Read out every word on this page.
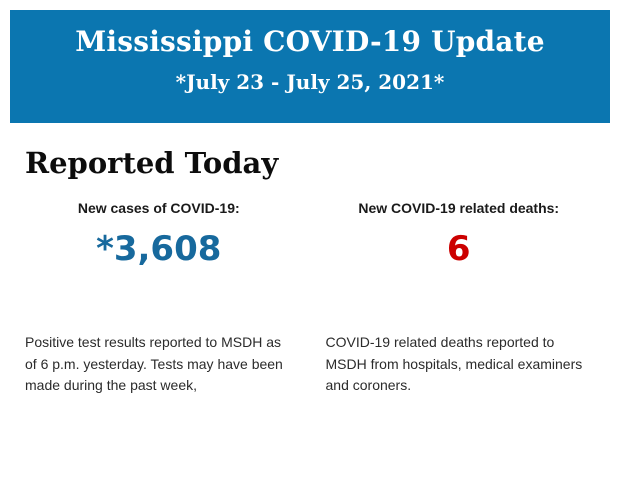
Mississippi COVID-19 Update
*July 23 - July 25, 2021*
Reported Today
New cases of COVID-19:
*3,608
New COVID-19 related deaths:
6
Positive test results reported to MSDH as of 6 p.m. yesterday. Tests may have been made during the past week,
COVID-19 related deaths reported to MSDH from hospitals, medical examiners and coroners.
